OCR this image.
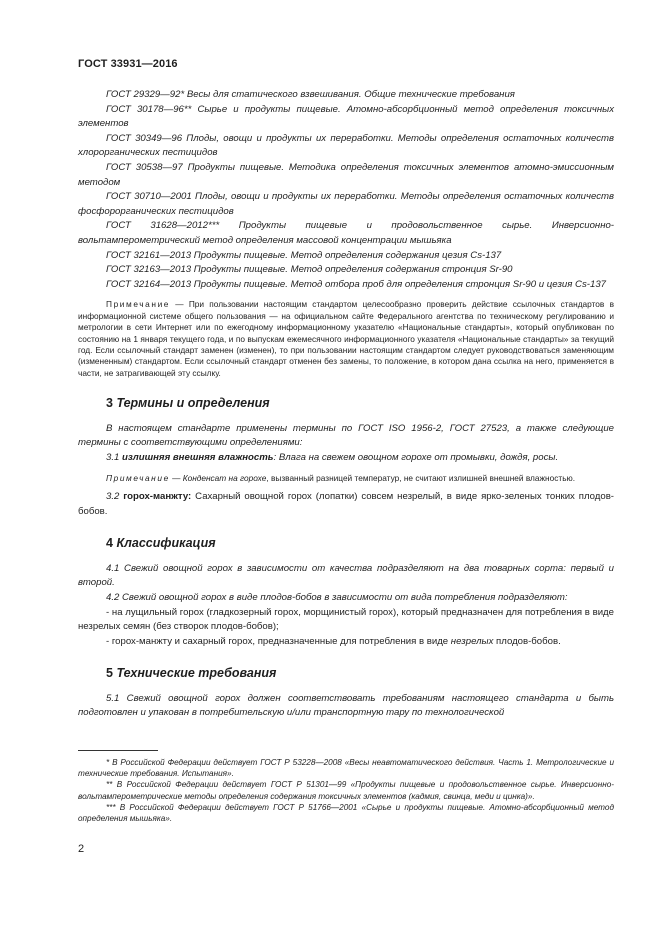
ГОСТ 33931—2016
ГОСТ 29329—92* Весы для статического взвешивания. Общие технические требования
ГОСТ 30178—96** Сырье и продукты пищевые. Атомно-абсорбционный метод определения токсичных элементов
ГОСТ 30349—96 Плоды, овощи и продукты их переработки. Методы определения остаточных количеств хлорорганических пестицидов
ГОСТ 30538—97 Продукты пищевые. Методика определения токсичных элементов атомно-эмиссионным методом
ГОСТ 30710—2001 Плоды, овощи и продукты их переработки. Методы определения остаточных количеств фосфорорганических пестицидов
ГОСТ 31628—2012*** Продукты пищевые и продовольственное сырье. Инверсионно-вольтамперометрический метод определения массовой концентрации мышьяка
ГОСТ 32161—2013 Продукты пищевые. Метод определения содержания цезия Cs-137
ГОСТ 32163—2013 Продукты пищевые. Метод определения содержания стронция Sr-90
ГОСТ 32164—2013 Продукты пищевые. Метод отбора проб для определения стронция Sr-90 и цезия Cs-137
Примечание — При пользовании настоящим стандартом целесообразно проверить действие ссылочных стандартов в информационной системе общего пользования — на официальном сайте Федерального агентства по техническому регулированию и метрологии в сети Интернет или по ежегодному информационному указателю «Национальные стандарты», который опубликован по состоянию на 1 января текущего года, и по выпускам ежемесячного информационного указателя «Национальные стандарты» за текущий год. Если ссылочный стандарт заменен (изменен), то при пользовании настоящим стандартом следует руководствоваться заменяющим (измененным) стандартом. Если ссылочный стандарт отменен без замены, то положение, в котором дана ссылка на него, применяется в части, не затрагивающей эту ссылку.
3 Термины и определения
В настоящем стандарте применены термины по ГОСТ ISO 1956-2, ГОСТ 27523, а также следующие термины с соответствующими определениями:
3.1 излишняя внешняя влажность: Влага на свежем овощном горохе от промывки, дождя, росы.
Примечание — Конденсат на горохе, вызванный разницей температур, не считают излишней внешней влажностью.
3.2 горох-манжту: Сахарный овощной горох (лопатки) совсем незрелый, в виде ярко-зеленых тонких плодов-бобов.
4 Классификация
4.1 Свежий овощной горох в зависимости от качества подразделяют на два товарных сорта: первый и второй.
4.2 Свежий овощной горох в виде плодов-бобов в зависимости от вида потребления подразделяют:
- на лущильный горох (гладкозерный горох, морщинистый горох), который предназначен для потребления в виде незрелых семян (без створок плодов-бобов);
- горох-манжту и сахарный горох, предназначенные для потребления в виде незрелых плодов-бобов.
5 Технические требования
5.1 Свежий овощной горох должен соответствовать требованиям настоящего стандарта и быть подготовлен и упакован в потребительскую и/или транспортную тару по технологической
* В Российской Федерации действует ГОСТ Р 53228—2008 «Весы неавтоматического действия. Часть 1. Метрологические и технические требования. Испытания».
** В Российской Федерации действует ГОСТ Р 51301—99 «Продукты пищевые и продовольственное сырье. Инверсионно-вольтамперометрические методы определения содержания токсичных элементов (кадмия, свинца, меди и цинка)».
*** В Российской Федерации действует ГОСТ Р 51766—2001 «Сырье и продукты пищевые. Атомно-абсорбционный метод определения мышьяка».
2
